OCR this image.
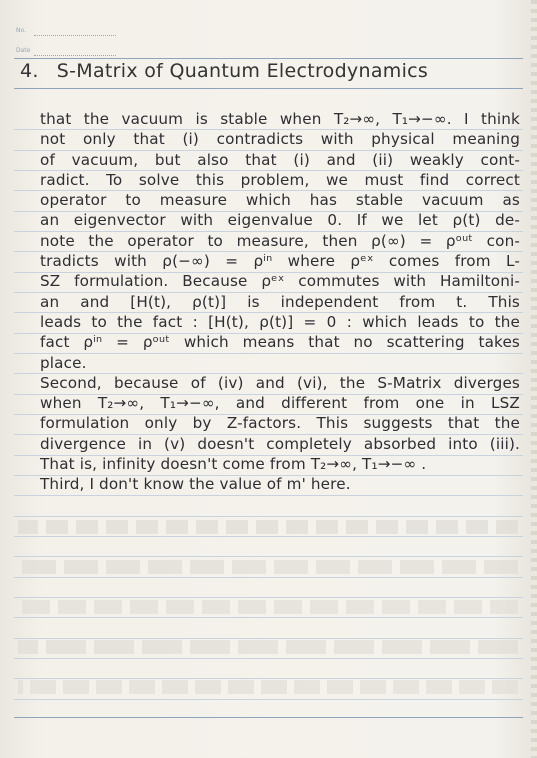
No.
Date
4. S-Matrix of Quantum Electrodynamics
that the vacuum is stable when T₂→∞, T₁→−∞. I think
not only that (i) contradicts with physical meaning
of vacuum, but also that (i) and (ii) weakly cont-
radict. To solve this problem, we must find correct
operator to measure which has stable vacuum as
an eigenvector with eigenvalue 0. If we let ρ(t) de-
note the operator to measure, then ρ(∞) = ρᵒᵘᵗ con-
tradicts with ρ(−∞) = ρⁱⁿ where ρᵉˣ comes from L-
SZ formulation. Because ρᵉˣ commutes with Hamiltoni-
an and [H(t), ρ(t)] is independent from t. This
leads to the fact : [H(t), ρ(t)] = 0 : which leads to the
fact ρⁱⁿ = ρᵒᵘᵗ which means that no scattering takes
place.
Second, because of (iv) and (vi), the S-Matrix diverges
when T₂→∞, T₁→−∞, and different from one in LSZ
formulation only by Z-factors. This suggests that the
divergence in (v) doesn't completely absorbed into (iii).
That is, infinity doesn't come from T₂→∞, T₁→−∞ .
Third, I don't know the value of m' here.
